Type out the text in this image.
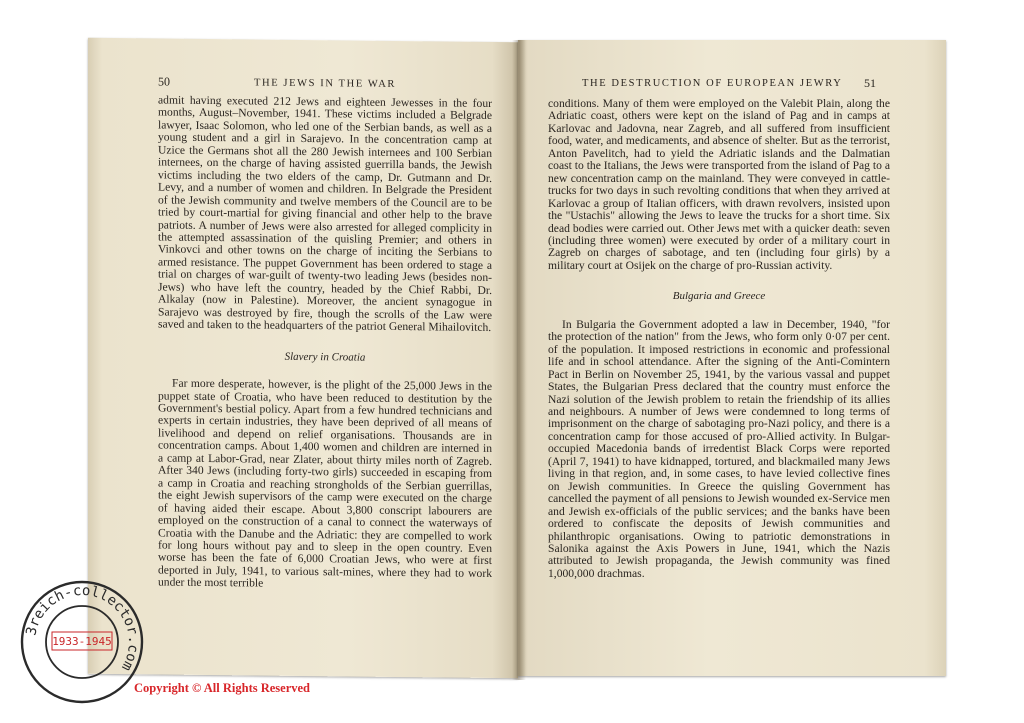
50	THE JEWS IN THE WAR

admit having executed 212 Jews and eighteen Jewesses in the four months, August–November, 1941. These victims included a Belgrade lawyer, Isaac Solomon, who led one of the Serbian bands, as well as a young student and a girl in Sarajevo. In the concentration camp at Uzice the Germans shot all the 280 Jewish internees and 100 Serbian internees, on the charge of having assisted guerrilla bands, the Jewish victims including the two elders of the camp, Dr. Gutmann and Dr. Levy, and a number of women and children. In Belgrade the President of the Jewish community and twelve members of the Council are to be tried by court-martial for giving financial and other help to the brave patriots. A number of Jews were also arrested for alleged complicity in the attempted assassination of the quisling Premier; and others in Vinkovci and other towns on the charge of inciting the Serbians to armed resistance. The puppet Government has been ordered to stage a trial on charges of war-guilt of twenty-two leading Jews (besides non-Jews) who have left the country, headed by the Chief Rabbi, Dr. Alkalay (now in Palestine). Moreover, the ancient synagogue in Sarajevo was destroyed by fire, though the scrolls of the Law were saved and taken to the headquarters of the patriot General Mihailovitch.

Slavery in Croatia

Far more desperate, however, is the plight of the 25,000 Jews in the puppet state of Croatia, who have been reduced to destitution by the Government's bestial policy. Apart from a few hundred technicians and experts in certain industries, they have been deprived of all means of livelihood and depend on relief organisations. Thousands are in concentration camps. About 1,400 women and children are interned in a camp at Labor-Grad, near Zlater, about thirty miles north of Zagreb. After 340 Jews (including forty-two girls) succeeded in escaping from a camp in Croatia and reaching strongholds of the Serbian guerrillas, the eight Jewish supervisors of the camp were executed on the charge of having aided their escape. About 3,800 conscript labourers are employed on the construction of a canal to connect the waterways of Croatia with the Danube and the Adriatic: they are compelled to work for long hours without pay and to sleep in the open country. Even worse has been the fate of 6,000 Croatian Jews, who were at first deported in July, 1941, to various salt-mines, where they had to work under the most terrible

THE DESTRUCTION OF EUROPEAN JEWRY 51

conditions. Many of them were employed on the Valebit Plain, along the Adriatic coast, others were kept on the island of Pag and in camps at Karlovac and Jadovna, near Zagreb, and all suffered from insufficient food, water, and medicaments, and absence of shelter. But as the terrorist, Anton Pavelitch, had to yield the Adriatic islands and the Dalmatian coast to the Italians, the Jews were transported from the island of Pag to a new concentration camp on the mainland. They were conveyed in cattle-trucks for two days in such revolting conditions that when they arrived at Karlovac a group of Italian officers, with drawn revolvers, insisted upon the "Ustachis" allowing the Jews to leave the trucks for a short time. Six dead bodies were carried out. Other Jews met with a quicker death: seven (including three women) were executed by order of a military court in Zagreb on charges of sabotage, and ten (including four girls) by a military court at Osijek on the charge of pro-Russian activity.

Bulgaria and Greece

In Bulgaria the Government adopted a law in December, 1940, "for the protection of the nation" from the Jews, who form only 0·07 per cent. of the population. It imposed restrictions in economic and professional life and in school attendance. After the signing of the Anti-Comintern Pact in Berlin on November 25, 1941, by the various vassal and puppet States, the Bulgarian Press declared that the country must enforce the Nazi solution of the Jewish problem to retain the friendship of its allies and neighbours. A number of Jews were condemned to long terms of imprisonment on the charge of sabotaging pro-Nazi policy, and there is a concentration camp for those accused of pro-Allied activity. In Bulgar-occupied Macedonia bands of irredentist Black Corps were reported (April 7, 1941) to have kidnapped, tortured, and blackmailed many Jews living in that region, and, in some cases, to have levied collective fines on Jewish communities. In Greece the quisling Government has cancelled the payment of all pensions to Jewish wounded ex-Service men and Jewish ex-officials of the public services; and the banks have been ordered to confiscate the deposits of Jewish communities and philanthropic organisations. Owing to patriotic demonstrations in Salonika against the Axis Powers in June, 1941, which the Nazis attributed to Jewish propaganda, the Jewish community was fined 1,000,000 drachmas.

3reich-collector.com
1933-1945
Copyright © All Rights Reserved
